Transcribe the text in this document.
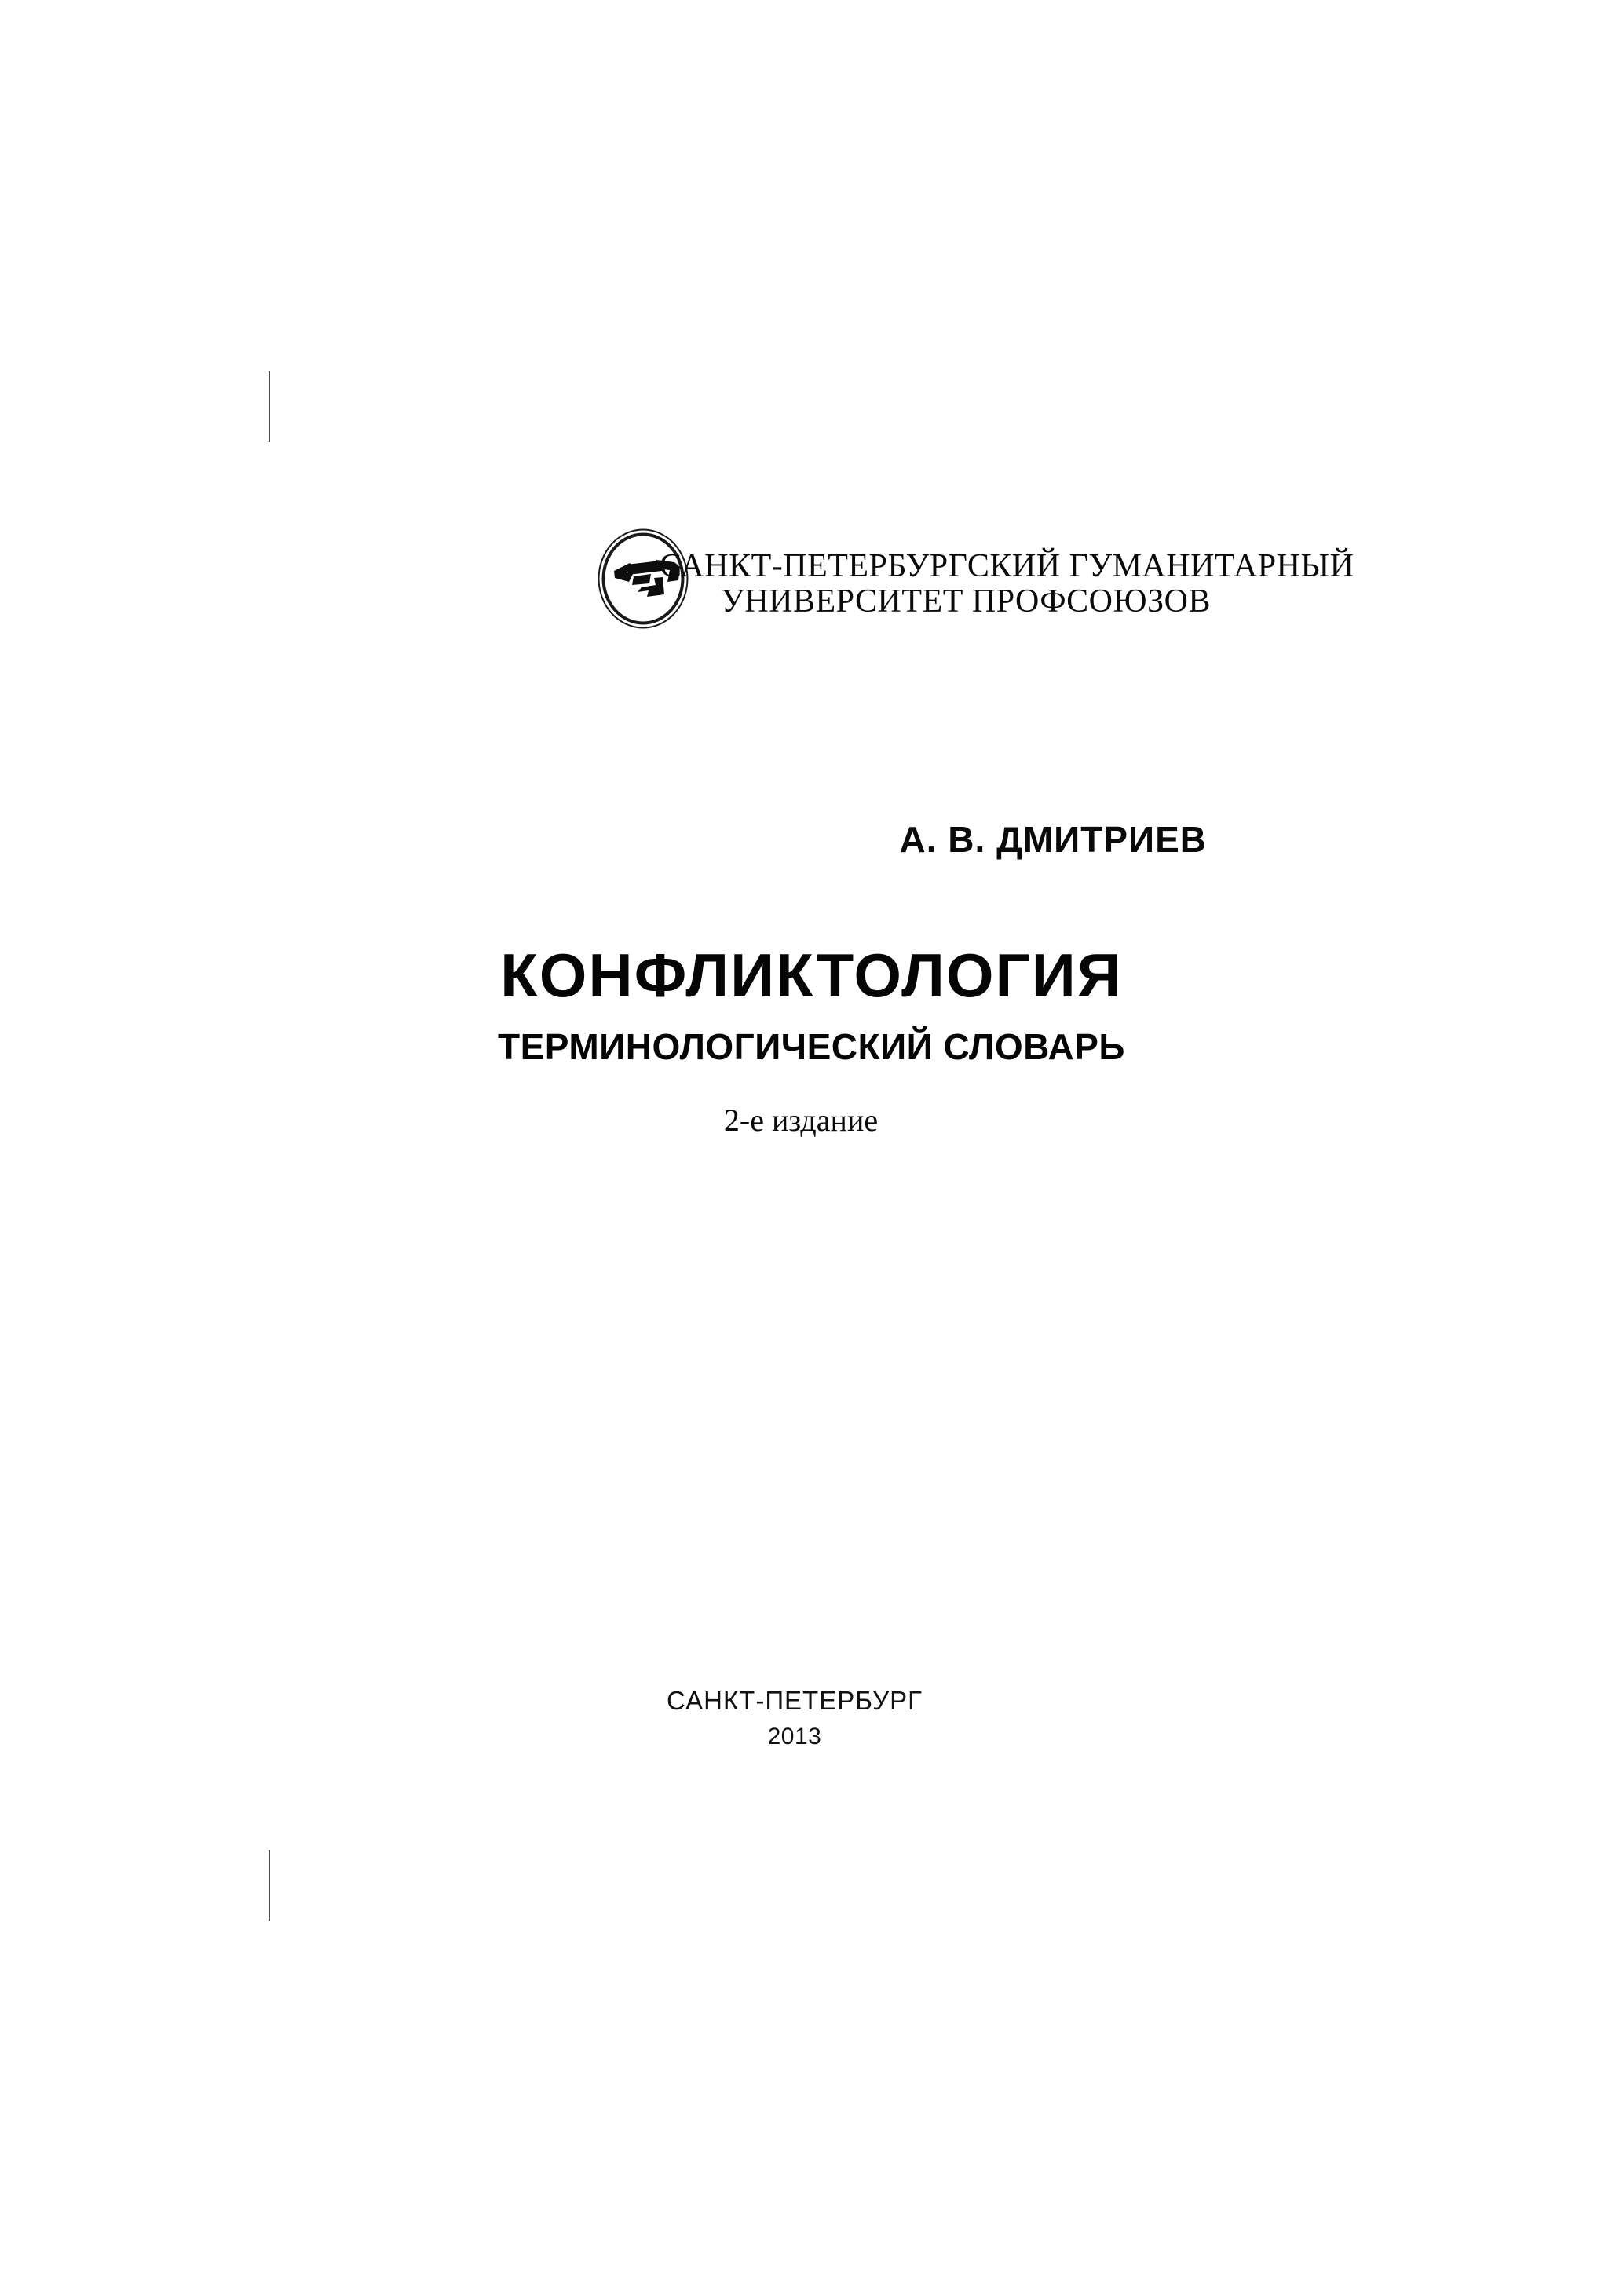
САНКТ-ПЕТЕРБУРГСКИЙ ГУМАНИТАРНЫЙ
УНИВЕРСИТЕТ ПРОФСОЮЗОВ
А. В. ДМИТРИЕВ
КОНФЛИКТОЛОГИЯ
ТЕРМИНОЛОГИЧЕСКИЙ СЛОВАРЬ
2-е издание
САНКТ-ПЕТЕРБУРГ
2013
